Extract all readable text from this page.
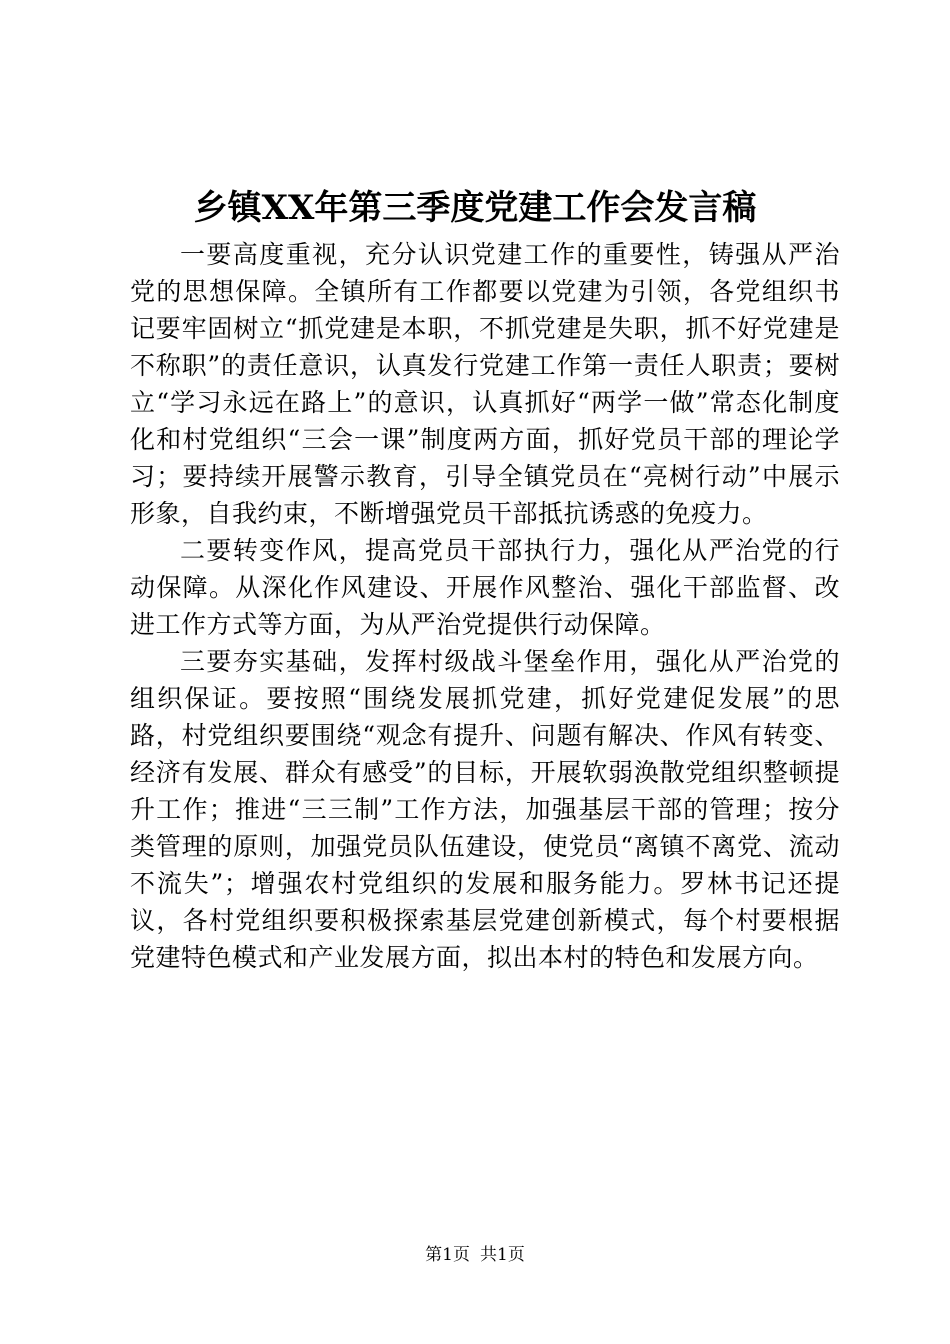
乡镇XX年第三季度党建工作会发言稿

一要高度重视，充分认识党建工作的重要性，铸强从严治党的思想保障。全镇所有工作都要以党建为引领，各党组织书记要牢固树立“抓党建是本职，不抓党建是失职，抓不好党建是不称职”的责任意识，认真发行党建工作第一责任人职责；要树立“学习永远在路上”的意识，认真抓好“两学一做”常态化制度化和村党组织“三会一课”制度两方面，抓好党员干部的理论学习；要持续开展警示教育，引导全镇党员在“亮树行动”中展示形象，自我约束，不断增强党员干部抵抗诱惑的免疫力。

二要转变作风，提高党员干部执行力，强化从严治党的行动保障。从深化作风建设、开展作风整治、强化干部监督、改进工作方式等方面，为从严治党提供行动保障。

三要夯实基础，发挥村级战斗堡垒作用，强化从严治党的组织保证。要按照“围绕发展抓党建，抓好党建促发展”的思路，村党组织要围绕“观念有提升、问题有解决、作风有转变、经济有发展、群众有感受”的目标，开展软弱涣散党组织整顿提升工作；推进“三三制”工作方法，加强基层干部的管理；按分类管理的原则，加强党员队伍建设，使党员“离镇不离党、流动不流失”；增强农村党组织的发展和服务能力。罗林书记还提议，各村党组织要积极探索基层党建创新模式，每个村要根据党建特色模式和产业发展方面，拟出本村的特色和发展方向。

第1页 共1页
